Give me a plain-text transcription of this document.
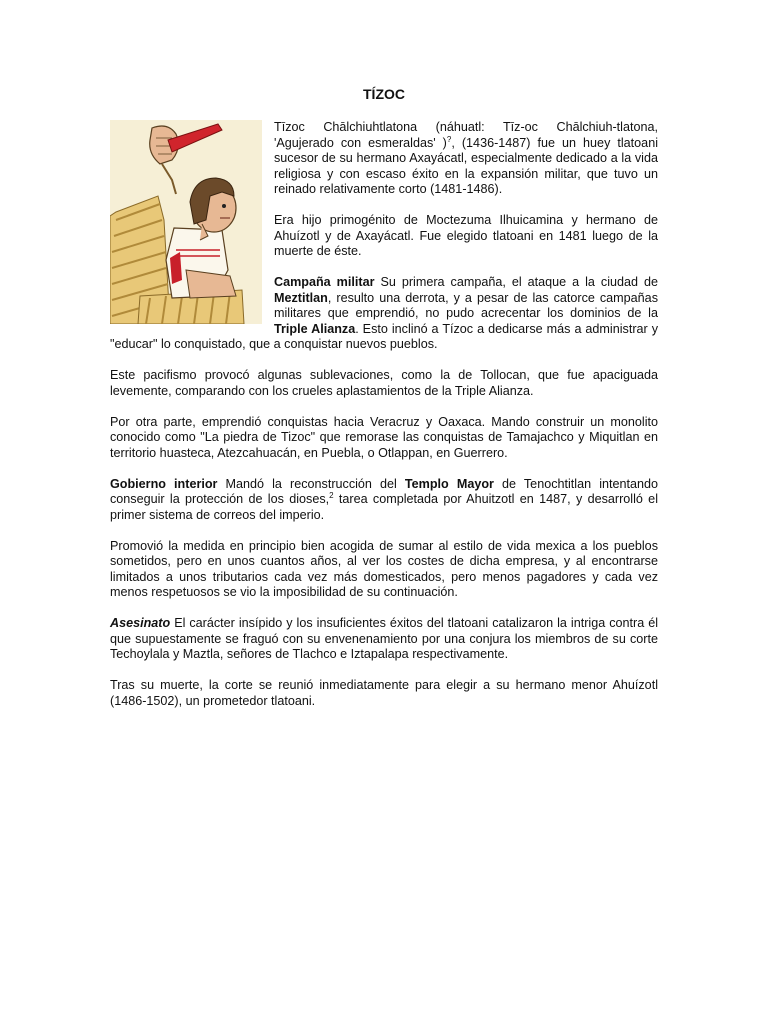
TÍZOC

Tīzoc Chālchiuhtlatona (náhuatl: Tīz-oc Chālchiuh-tlatona, 'Agujerado con esmeraldas' )?, (1436-1487) fue un huey tlatoani sucesor de su hermano Axayácatl, especialmente dedicado a la vida religiosa y con escaso éxito en la expansión militar, que tuvo un reinado relativamente corto (1481-1486).

Era hijo primogénito de Moctezuma Ilhuicamina y hermano de Ahuízotl y de Axayácatl. Fue elegido tlatoani en 1481 luego de la muerte de éste.

Campaña militar Su primera campaña, el ataque a la ciudad de Meztitlan, resulto una derrota, y a pesar de las catorce campañas militares que emprendió, no pudo acrecentar los dominios de la Triple Alianza. Esto inclinó a Tízoc a dedicarse más a administrar y "educar" lo conquistado, que a conquistar nuevos pueblos.

Este pacifismo provocó algunas sublevaciones, como la de Tollocan, que fue apaciguada levemente, comparando con los crueles aplastamientos de la Triple Alianza.

Por otra parte, emprendió conquistas hacia Veracruz y Oaxaca. Mando construir un monolito conocido como "La piedra de Tizoc" que remorase las conquistas de Tamajachco y Miquitlan en territorio huasteca, Atezcahuacán, en Puebla, o Otlappan, en Guerrero.

Gobierno interior Mandó la reconstrucción del Templo Mayor de Tenochtitlan intentando conseguir la protección de los dioses,$^2$ tarea completada por Ahuitzotl en 1487, y desarrolló el primer sistema de correos del imperio.

Promovió la medida en principio bien acogida de sumar al estilo de vida mexica a los pueblos sometidos, pero en unos cuantos años, al ver los costes de dicha empresa, y al encontrarse limitados a unos tributarios cada vez más domesticados, pero menos pagadores y cada vez menos respetuosos se vio la imposibilidad de su continuación.

Asesinato El carácter insípido y los insuficientes éxitos del tlatoani catalizaron la intriga contra él que supuestamente se fraguó con su envenenamiento por una conjura los miembros de su corte Techoylala y Maztla, señores de Tlachco e Iztapalapa respectivamente.

Tras su muerte, la corte se reunió inmediatamente para elegir a su hermano menor Ahuízotl (1486-1502), un prometedor tlatoani.
